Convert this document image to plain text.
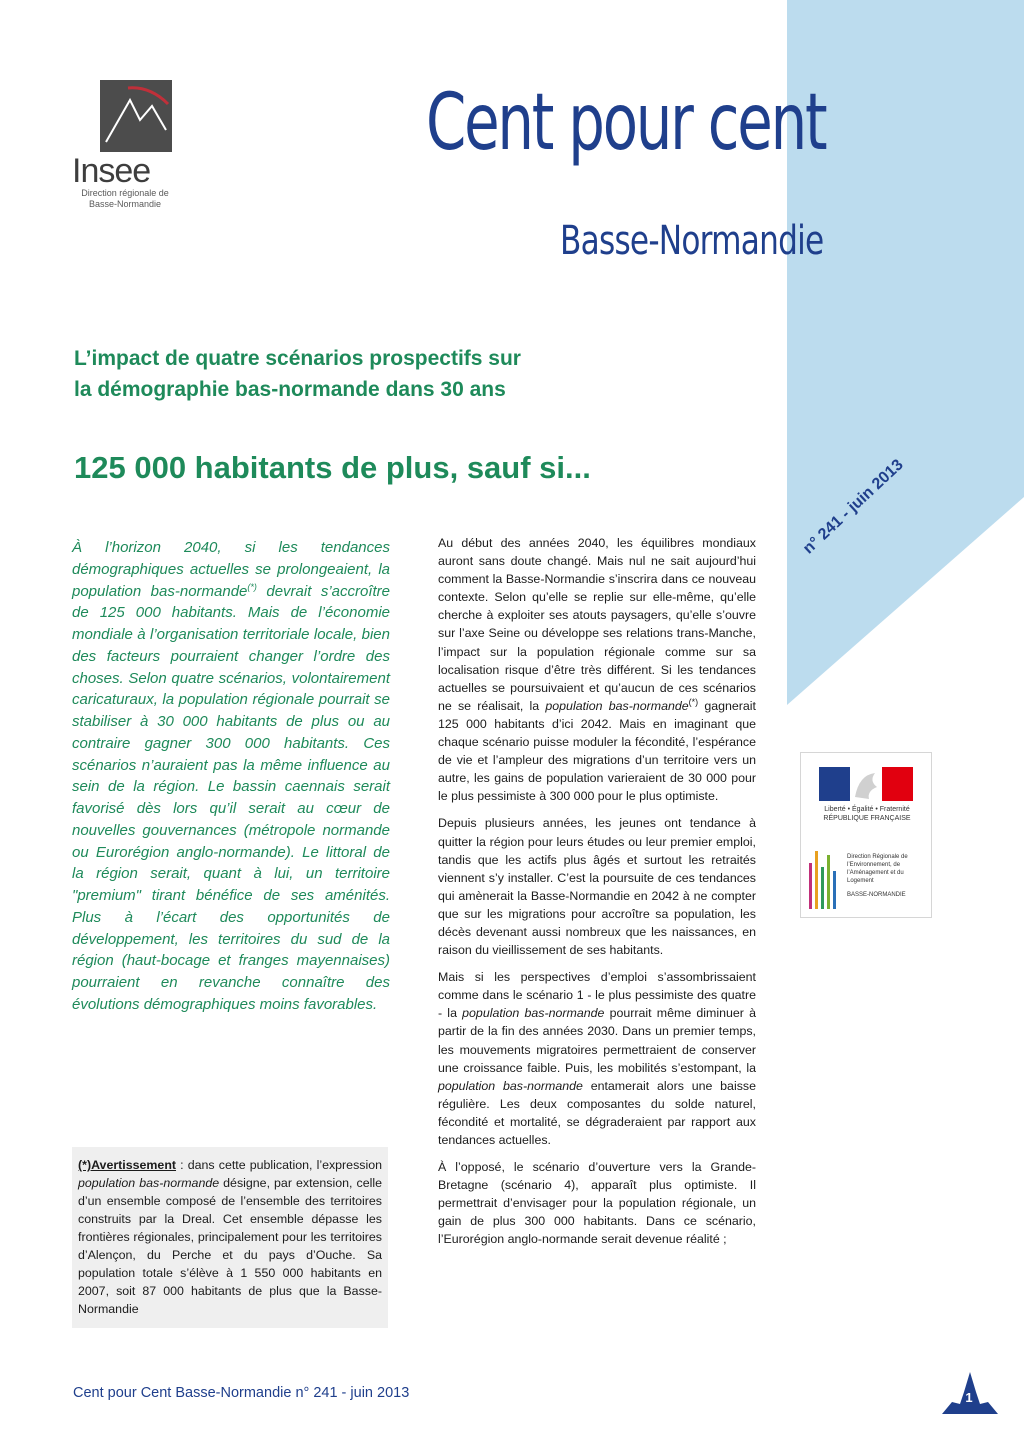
Insee
Direction régionale de
Basse-Normandie
Cent pour cent
Basse-Normandie
L’impact de quatre scénarios prospectifs sur
la démographie bas-normande dans 30 ans
125 000 habitants de plus, sauf si...	n° 241 - juin 2013

À l’horizon 2040, si les tendances démographiques actuelles se prolongeaient, la population bas-normande(*) devrait s’accroître de 125 000 habitants. Mais de l’économie mondiale à l’organisation territoriale locale, bien des facteurs pourraient changer l’ordre des choses. Selon quatre scénarios, volontairement caricaturaux, la population régionale pourrait se stabiliser à 30 000 habitants de plus ou au contraire gagner 300 000 habitants. Ces scénarios n’auraient pas la même influence au sein de la région. Le bassin caennais serait favorisé dès lors qu’il serait au cœur de nouvelles gouvernances (métropole normande ou Eurorégion anglo-normande). Le littoral de la région serait, quant à lui, un territoire "premium" tirant bénéfice de ses aménités. Plus à l’écart des opportunités de développement, les territoires du sud de la région (haut-bocage et franges mayennaises) pourraient en revanche connaître des évolutions démographiques moins favorables.

(*)Avertissement : dans cette publication, l’expression population bas-normande désigne, par extension, celle d’un ensemble composé de l’ensemble des territoires construits par la Dreal. Cet ensemble dépasse les frontières régionales, principalement pour les territoires d’Alençon, du Perche et du pays d’Ouche. Sa population totale s’élève à 1 550 000 habitants en 2007, soit 87 000 habitants de plus que la Basse-Normandie

Au début des années 2040, les équilibres mondiaux auront sans doute changé. Mais nul ne sait aujourd’hui comment la Basse-Normandie s’inscrira dans ce nouveau contexte. Selon qu’elle se replie sur elle-même, qu’elle cherche à exploiter ses atouts paysagers, qu’elle s’ouvre sur l’axe Seine ou développe ses relations trans-Manche, l’impact sur la population régionale comme sur sa localisation risque d’être très différent. Si les tendances actuelles se poursuivaient et qu’aucun de ces scénarios ne se réalisait, la population bas-normande(*) gagnerait 125 000 habitants d’ici 2042. Mais en imaginant que chaque scénario puisse moduler la fécondité, l’espérance de vie et l’ampleur des migrations d’un territoire vers un autre, les gains de population varieraient de 30 000 pour le plus pessimiste à 300 000 pour le plus optimiste.

Depuis plusieurs années, les jeunes ont tendance à quitter la région pour leurs études ou leur premier emploi, tandis que les actifs plus âgés et surtout les retraités viennent s’y installer. C’est la poursuite de ces tendances qui amènerait la Basse-Normandie en 2042 à ne compter que sur les migrations pour accroître sa population, les décès devenant aussi nombreux que les naissances, en raison du vieillissement de ses habitants.

Mais si les perspectives d’emploi s’assombrissaient comme dans le scénario 1 - le plus pessimiste des quatre - la population bas-normande pourrait même diminuer à partir de la fin des années 2030. Dans un premier temps, les mouvements migratoires permettraient de conserver une croissance faible. Puis, les mobilités s’estompant, la population bas-normande entamerait alors une baisse régulière. Les deux composantes du solde naturel, fécondité et mortalité, se dégraderaient par rapport aux tendances actuelles.

À l’opposé, le scénario d’ouverture vers la Grande-Bretagne (scénario 4), apparaît plus optimiste. Il permettrait d’envisager pour la population régionale, un gain de plus 300 000 habitants. Dans ce scénario, l’Eurorégion anglo-normande serait devenue réalité ;

Liberté • Égalité • Fraternité
RÉPUBLIQUE FRANÇAISE
Direction Régionale de l’Environnement, de l’Aménagement et du Logement
BASSE-NORMANDIE
Cent pour Cent Basse-Normandie n° 241 - juin 2013	1
